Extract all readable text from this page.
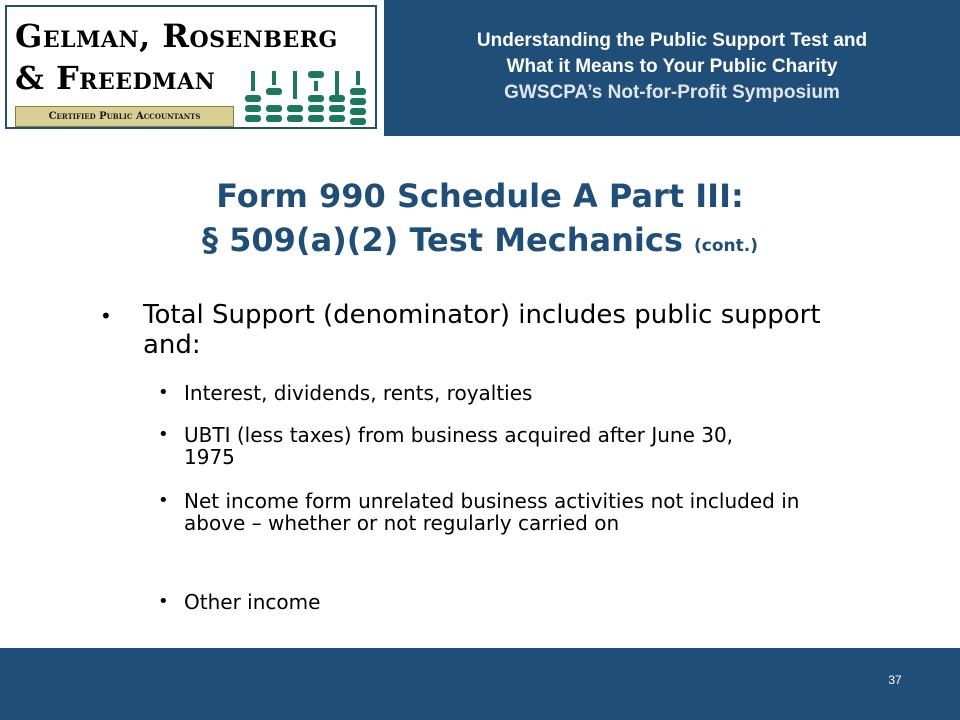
Gelman, Rosenberg
& Freedman
Certified Public Accountants
Understanding the Public Support Test and
What it Means to Your Public Charity
GWSCPA’s Not-for-Profit Symposium
Form 990 Schedule A Part III:
§ 509(a)(2) Test Mechanics (cont.)
• Total Support (denominator) includes public support and:
• Interest, dividends, rents, royalties
• UBTI (less taxes) from business acquired after June 30, 1975
• Net income form unrelated business activities not included in above – whether or not regularly carried on
• Other income
37
